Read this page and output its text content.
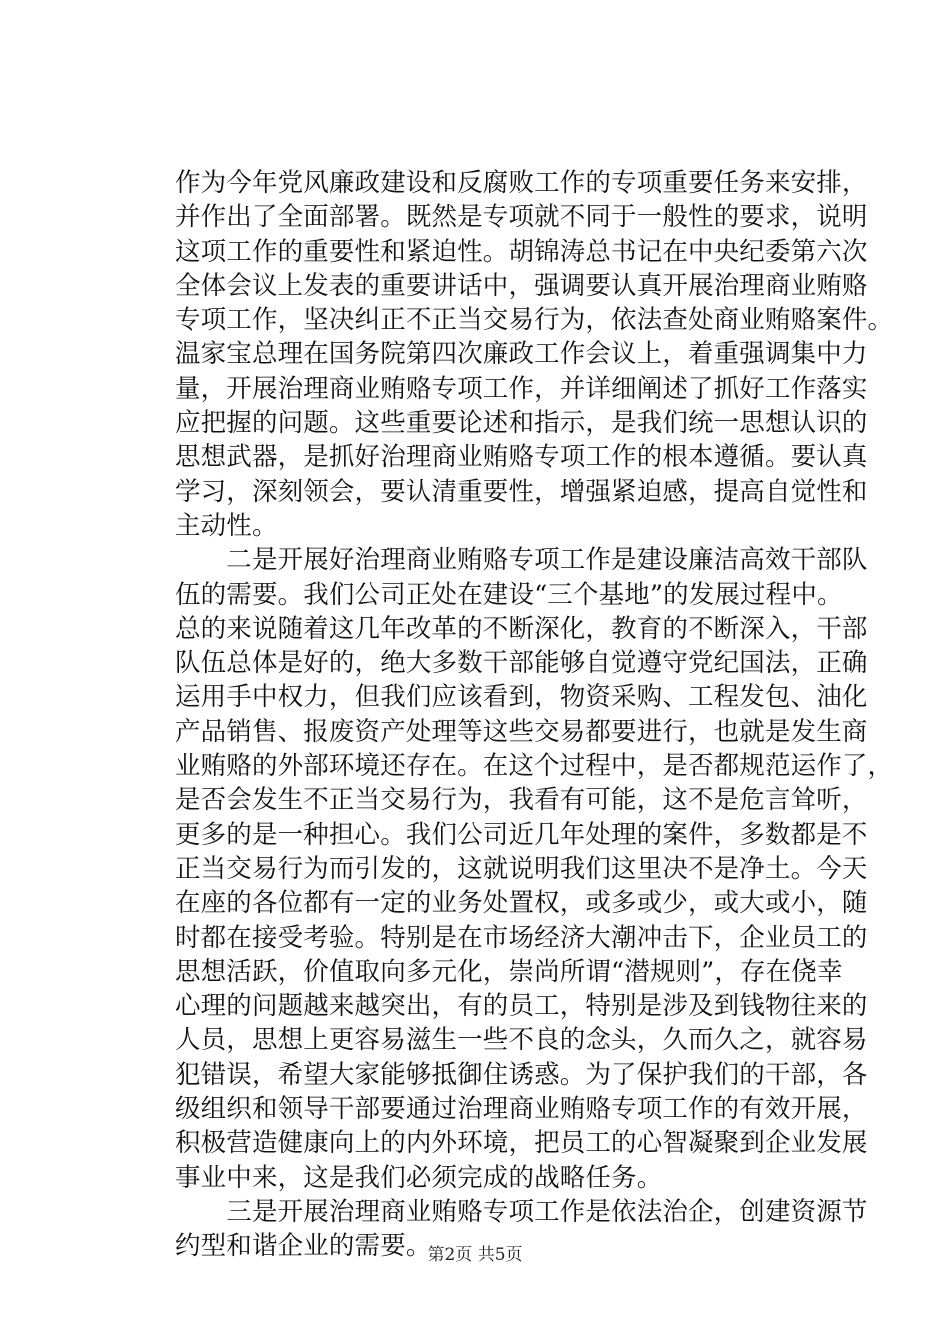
作为今年党风廉政建设和反腐败工作的专项重要任务来安排，
并作出了全面部署。既然是专项就不同于一般性的要求，说明
这项工作的重要性和紧迫性。胡锦涛总书记在中央纪委第六次
全体会议上发表的重要讲话中，强调要认真开展治理商业贿赂
专项工作，坚决纠正不正当交易行为，依法查处商业贿赂案件。
温家宝总理在国务院第四次廉政工作会议上，着重强调集中力
量，开展治理商业贿赂专项工作，并详细阐述了抓好工作落实
应把握的问题。这些重要论述和指示，是我们统一思想认识的
思想武器，是抓好治理商业贿赂专项工作的根本遵循。要认真
学习，深刻领会，要认清重要性，增强紧迫感，提高自觉性和
主动性。
　　二是开展好治理商业贿赂专项工作是建设廉洁高效干部队
伍的需要。我们公司正处在建设“三个基地”的发展过程中。
总的来说随着这几年改革的不断深化，教育的不断深入，干部
队伍总体是好的，绝大多数干部能够自觉遵守党纪国法，正确
运用手中权力，但我们应该看到，物资采购、工程发包、油化
产品销售、报废资产处理等这些交易都要进行，也就是发生商
业贿赂的外部环境还存在。在这个过程中，是否都规范运作了，
是否会发生不正当交易行为，我看有可能，这不是危言耸听，
更多的是一种担心。我们公司近几年处理的案件，多数都是不
正当交易行为而引发的，这就说明我们这里决不是净土。今天
在座的各位都有一定的业务处置权，或多或少，或大或小，随
时都在接受考验。特别是在市场经济大潮冲击下，企业员工的
思想活跃，价值取向多元化，崇尚所谓“潜规则”，存在侥幸
心理的问题越来越突出，有的员工，特别是涉及到钱物往来的
人员，思想上更容易滋生一些不良的念头，久而久之，就容易
犯错误，希望大家能够抵御住诱惑。为了保护我们的干部，各
级组织和领导干部要通过治理商业贿赂专项工作的有效开展，
积极营造健康向上的内外环境，把员工的心智凝聚到企业发展
事业中来，这是我们必须完成的战略任务。
　　三是开展治理商业贿赂专项工作是依法治企，创建资源节
约型和谐企业的需要。
第2页 共5页
